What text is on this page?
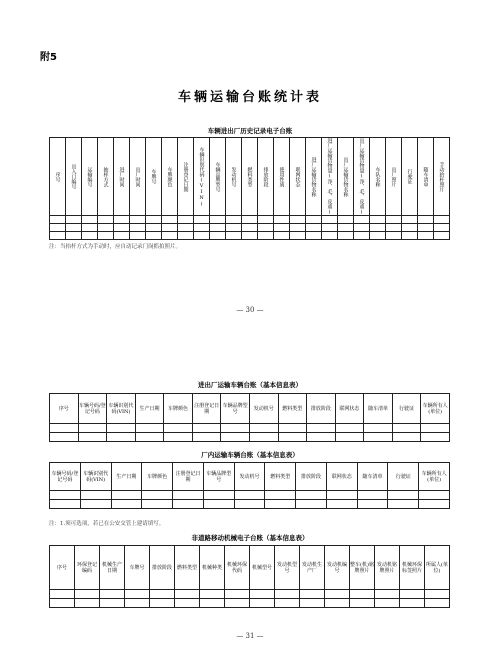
附5
车辆运输台账统计表
车辆进出厂历史记录电子台账
序号	出入口编号	运输编号	抽样方式	进厂时间	出厂时间	车牌号	车牌颜色	注册登记日期	车辆识别代码(VIN)	车辆品牌型号	发动机号	燃料类型	排放阶段	使用性质	联网状态	进厂运输货物名称	进厂运输货物量(净、毛、皮重)	出厂运输货物名称	出厂运输货物量(净、毛、皮重)	车队名称	出厂照片	行驶证	随车清单	手动抬杆照片

注：当抬杆方式为手动时，应自动记录门岗抓拍照片。
— 30 —
进出厂运输车辆台账（基本信息表）
序号	车辆号码/登记号码	车辆识别代码(VIN)	生产日期	车牌颜色	注册登记日期	车辆品牌型号	发动机号	燃料类型	排放阶段	联网状态	随车清单	行驶证	车辆所有人(单位)

厂内运输车辆台账（基本信息表）
车辆号码/登记号码	车辆识别代码(VIN)	生产日期	车牌颜色	注册登记日期	车辆品牌型号	发动机号	燃料类型	排放阶段	联网状态	随车清单	行驶证	车辆所有人(单位)

注：1.须可选项，若已在公安交管上建请填写。
非道路移动机械电子台账（基本信息表）
序号	环保登记编码	机械生产日期	车牌号	排放阶段	燃料类型	机械种类	机械环保代码	机械型号	发动机型号	发动机生产厂	发动机编号	整车(机)铭牌照片	发动机铭牌照片	机械环保标签照片	所属人(单位)

— 31 —
